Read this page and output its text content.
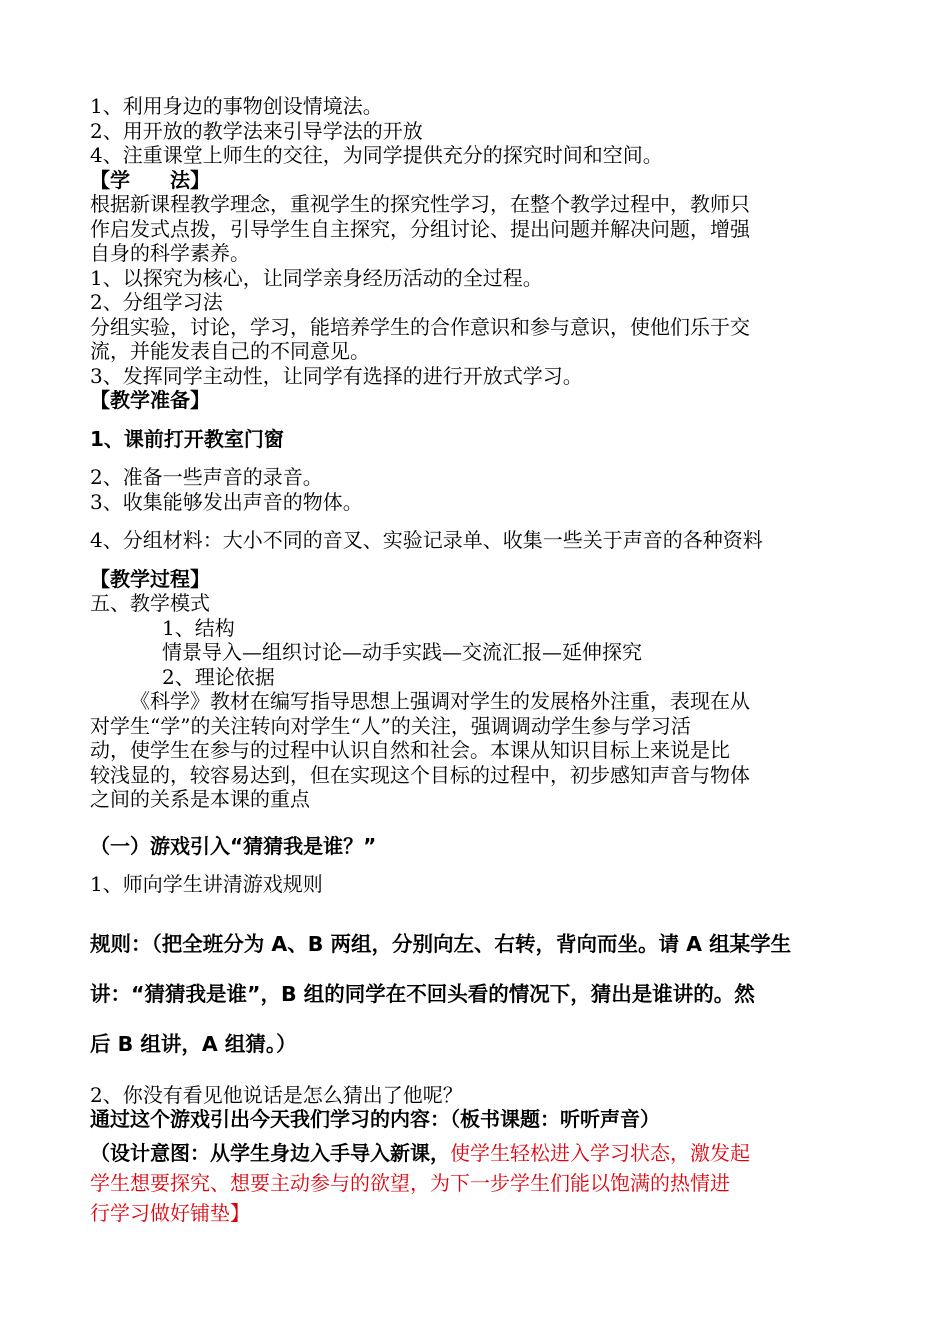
1、利用身边的事物创设情境法。
2、用开放的教学法来引导学法的开放
4、注重课堂上师生的交往，为同学提供充分的探究时间和空间。
【学　　法】
根据新课程教学理念，重视学生的探究性学习，在整个教学过程中，教师只
作启发式点拨，引导学生自主探究，分组讨论、提出问题并解决问题，增强
自身的科学素养。
1、以探究为核心，让同学亲身经历活动的全过程。
2、分组学习法
分组实验，讨论，学习，能培养学生的合作意识和参与意识，使他们乐于交
流，并能发表自己的不同意见。
3、发挥同学主动性，让同学有选择的进行开放式学习。
【教学准备】
1、课前打开教室门窗
2、准备一些声音的录音。
3、收集能够发出声音的物体。
4、分组材料：大小不同的音叉、实验记录单、收集一些关于声音的各种资料
【教学过程】
五、教学模式
1、结构
情景导入—组织讨论—动手实践—交流汇报—延伸探究
2、理论依据
《科学》教材在编写指导思想上强调对学生的发展格外注重，表现在从
对学生“学”的关注转向对学生“人”的关注，强调调动学生参与学习活
动，使学生在参与的过程中认识自然和社会。本课从知识目标上来说是比
较浅显的，较容易达到，但在实现这个目标的过程中，初步感知声音与物体
之间的关系是本课的重点
（一）游戏引入“猜猜我是谁？”
1、师向学生讲清游戏规则
规则：（把全班分为 A、B 两组，分别向左、右转，背向而坐。请 A 组某学生
讲：“猜猜我是谁”，B 组的同学在不回头看的情况下，猜出是谁讲的。然
后 B 组讲，A 组猜。）
2、你没有看见他说话是怎么猜出了他呢？
通过这个游戏引出今天我们学习的内容：（板书课题：听听声音）
（设计意图：从学生身边入手导入新课，使学生轻松进入学习状态，激发起
学生想要探究、想要主动参与的欲望，为下一步学生们能以饱满的热情进
行学习做好铺垫】
